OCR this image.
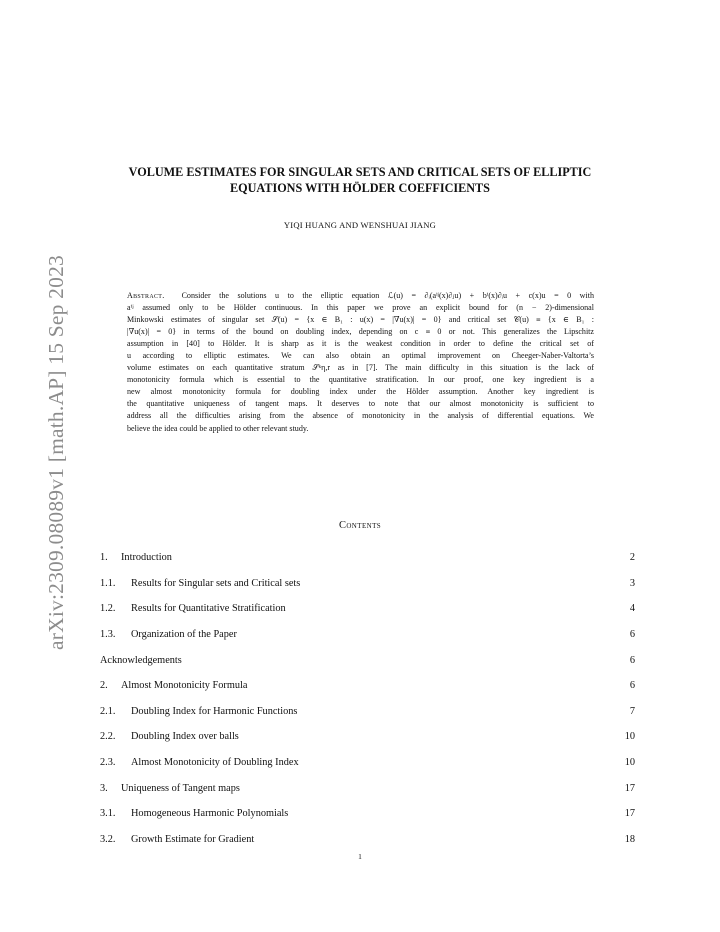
arXiv:2309.08089v1 [math.AP] 15 Sep 2023
VOLUME ESTIMATES FOR SINGULAR SETS AND CRITICAL SETS OF ELLIPTIC
EQUATIONS WITH HÖLDER COEFFICIENTS
YIQI HUANG AND WENSHUAI JIANG
Abstract. Consider the solutions u to the elliptic equation ℒ(u) = ∂ᵢ(aⁱʲ(x)∂ⱼu) + bⁱ(x)∂ᵢu + c(x)u = 0 with
aⁱʲ assumed only to be Hölder continuous. In this paper we prove an explicit bound for (n − 2)-dimensional
Minkowski estimates of singular set 𝒮(u) = {x ∈ B₁ : u(x) = |∇u(x)| = 0} and critical set 𝒞(u) ≡ {x ∈ B₁ :
|∇u(x)| = 0} in terms of the bound on doubling index, depending on c ≡ 0 or not. This generalizes the Lipschitz
assumption in [40] to Hölder. It is sharp as it is the weakest condition in order to define the critical set of
u according to elliptic estimates. We can also obtain an optimal improvement on Cheeger-Naber-Valtorta’s
volume estimates on each quantitative stratum 𝒮ᵏη,r as in [7]. The main difficulty in this situation is the lack of
monotonicity formula which is essential to the quantitative stratification. In our proof, one key ingredient is a
new almost monotonicity formula for doubling index under the Hölder assumption. Another key ingredient is
the quantitative uniqueness of tangent maps. It deserves to note that our almost monotonicity is sufficient to
address all the difficulties arising from the absence of monotonicity in the analysis of differential equations. We
believe the idea could be applied to other relevant study.
Contents
1. Introduction	2
1.1. Results for Singular sets and Critical sets	3
1.2. Results for Quantitative Stratification	4
1.3. Organization of the Paper	6
Acknowledgements	6
2. Almost Monotonicity Formula	6
2.1. Doubling Index for Harmonic Functions	7
2.2. Doubling Index over balls	10
2.3. Almost Monotonicity of Doubling Index	10
3. Uniqueness of Tangent maps	17
3.1. Homogeneous Harmonic Polynomials	17
3.2. Growth Estimate for Gradient	18
1
